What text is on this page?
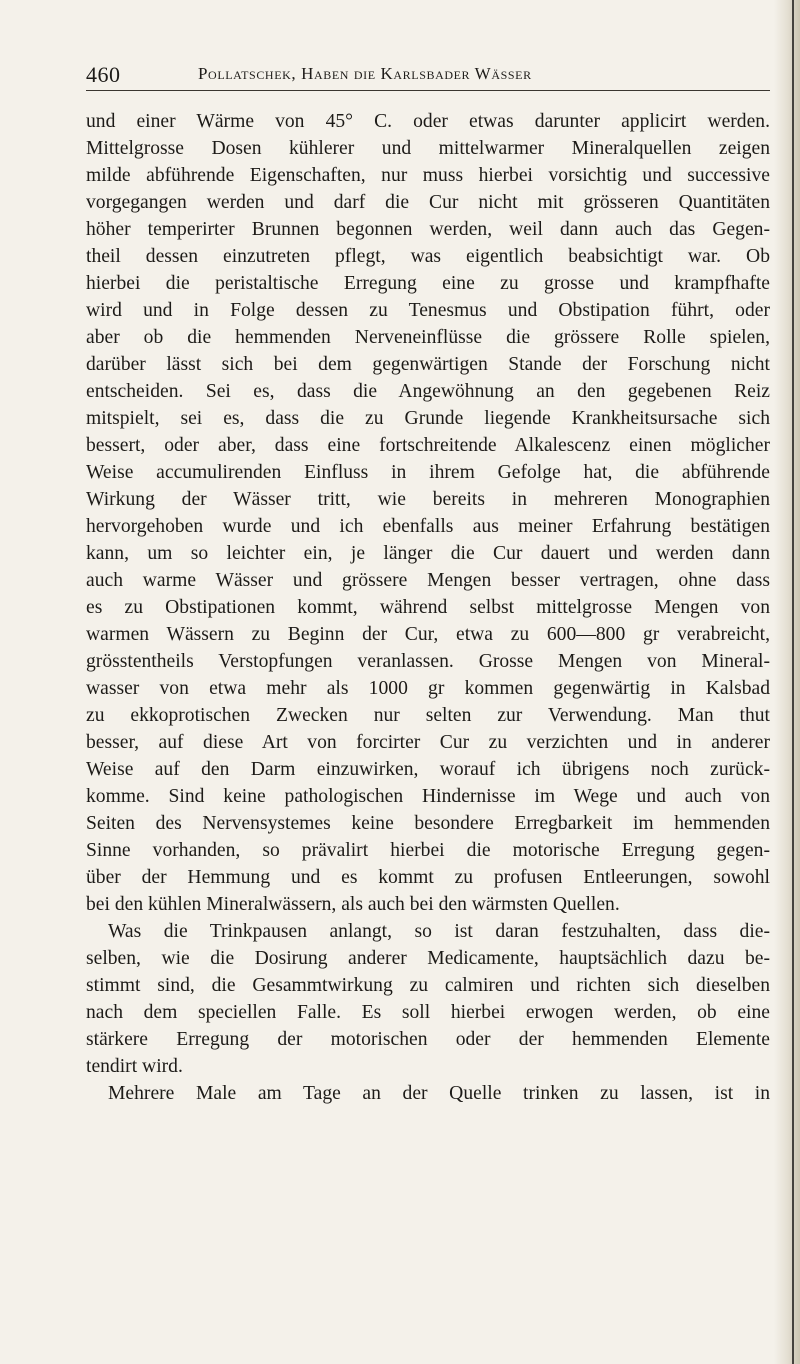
460	Pollatschek, Haben die Karlsbader Wässer
und einer Wärme von 45° C. oder etwas darunter applicirt werden.
Mittelgrosse Dosen kühlerer und mittelwarmer Mineralquellen zeigen
milde abführende Eigenschaften, nur muss hierbei vorsichtig und successive
vorgegangen werden und darf die Cur nicht mit grösseren Quantitäten
höher temperirter Brunnen begonnen werden, weil dann auch das Gegen-
theil dessen einzutreten pflegt, was eigentlich beabsichtigt war. Ob
hierbei die peristaltische Erregung eine zu grosse und krampfhafte
wird und in Folge dessen zu Tenesmus und Obstipation führt, oder
aber ob die hemmenden Nerveneinflüsse die grössere Rolle spielen,
darüber lässt sich bei dem gegenwärtigen Stande der Forschung nicht
entscheiden. Sei es, dass die Angewöhnung an den gegebenen Reiz
mitspielt, sei es, dass die zu Grunde liegende Krankheitsursache sich
bessert, oder aber, dass eine fortschreitende Alkalescenz einen möglicher
Weise accumulirenden Einfluss in ihrem Gefolge hat, die abführende
Wirkung der Wässer tritt, wie bereits in mehreren Monographien
hervorgehoben wurde und ich ebenfalls aus meiner Erfahrung bestätigen
kann, um so leichter ein, je länger die Cur dauert und werden dann
auch warme Wässer und grössere Mengen besser vertragen, ohne dass
es zu Obstipationen kommt, während selbst mittelgrosse Mengen von
warmen Wässern zu Beginn der Cur, etwa zu 600—800 gr verabreicht,
grösstentheils Verstopfungen veranlassen. Grosse Mengen von Mineral-
wasser von etwa mehr als 1000 gr kommen gegenwärtig in Kalsbad
zu ekkoprotischen Zwecken nur selten zur Verwendung. Man thut
besser, auf diese Art von forcirter Cur zu verzichten und in anderer
Weise auf den Darm einzuwirken, worauf ich übrigens noch zurück-
komme. Sind keine pathologischen Hindernisse im Wege und auch von
Seiten des Nervensystemes keine besondere Erregbarkeit im hemmenden
Sinne vorhanden, so prävalirt hierbei die motorische Erregung gegen-
über der Hemmung und es kommt zu profusen Entleerungen, sowohl
bei den kühlen Mineralwässern, als auch bei den wärmsten Quellen.
Was die Trinkpausen anlangt, so ist daran festzuhalten, dass die-
selben, wie die Dosirung anderer Medicamente, hauptsächlich dazu be-
stimmt sind, die Gesammtwirkung zu calmiren und richten sich dieselben
nach dem speciellen Falle. Es soll hierbei erwogen werden, ob eine
stärkere Erregung der motorischen oder der hemmenden Elemente
tendirt wird.
Mehrere Male am Tage an der Quelle trinken zu lassen, ist in
